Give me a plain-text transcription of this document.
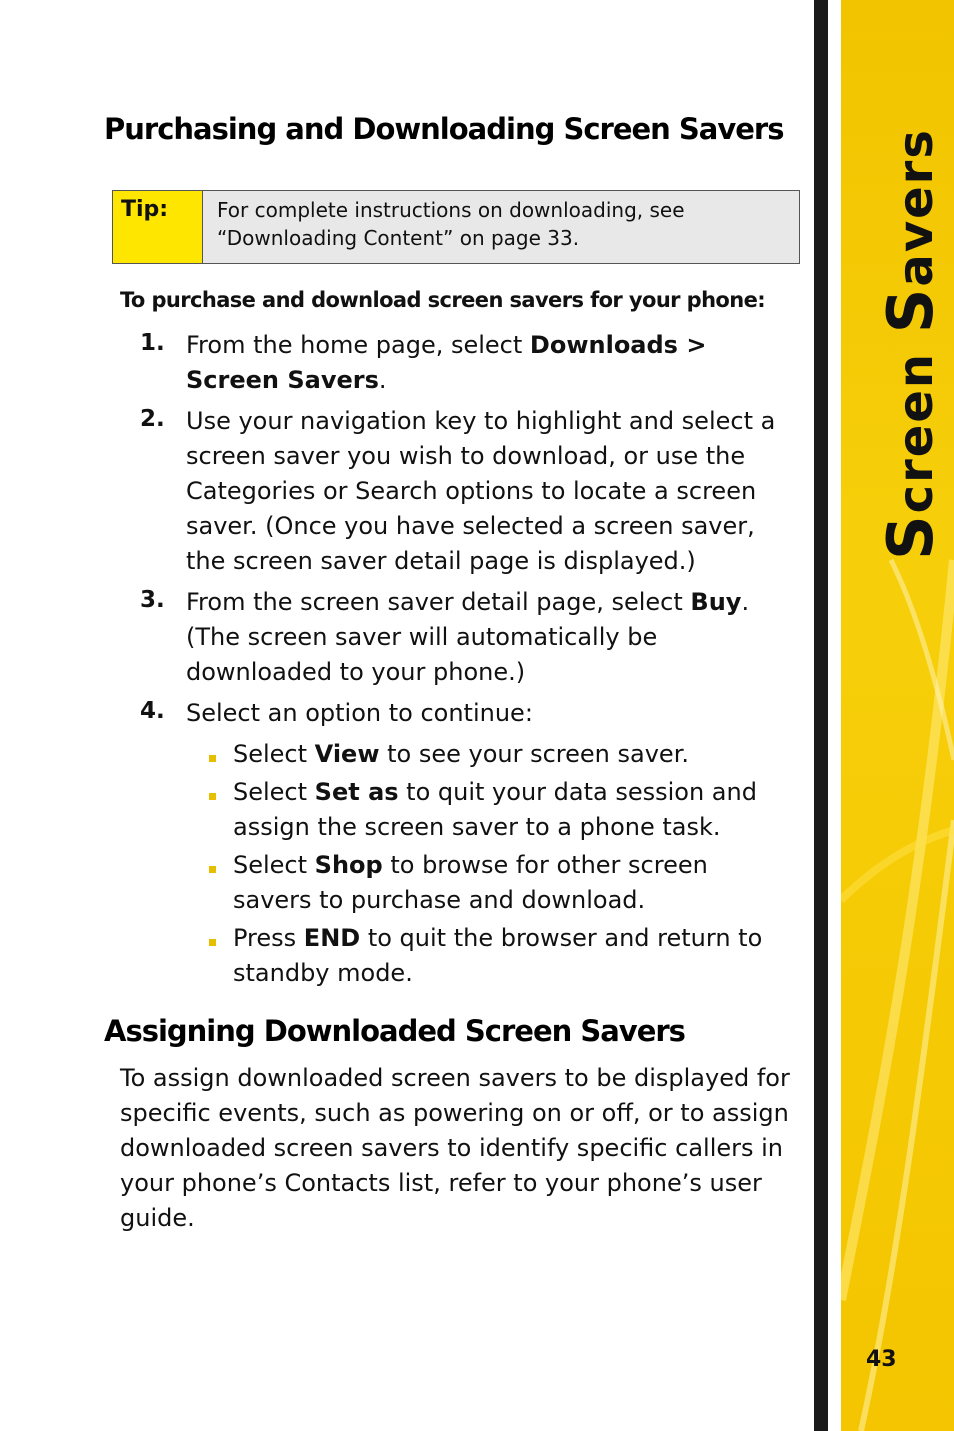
Purchasing and Downloading Screen Savers
Tip:	For complete instructions on downloading, see “Downloading Content” on page 33.
To purchase and download screen savers for your phone:
1. From the home page, select Downloads > Screen Savers.
2. Use your navigation key to highlight and select a screen saver you wish to download, or use the Categories or Search options to locate a screen saver. (Once you have selected a screen saver, the screen saver detail page is displayed.)
3. From the screen saver detail page, select Buy. (The screen saver will automatically be downloaded to your phone.)
4. Select an option to continue:
Select View to see your screen saver.
Select Set as to quit your data session and assign the screen saver to a phone task.
Select Shop to browse for other screen savers to purchase and download.
Press END to quit the browser and return to standby mode.
Assigning Downloaded Screen Savers
To assign downloaded screen savers to be displayed for specific events, such as powering on or off, or to assign downloaded screen savers to identify specific callers in your phone’s Contacts list, refer to your phone’s user guide.
Screen Savers
43
